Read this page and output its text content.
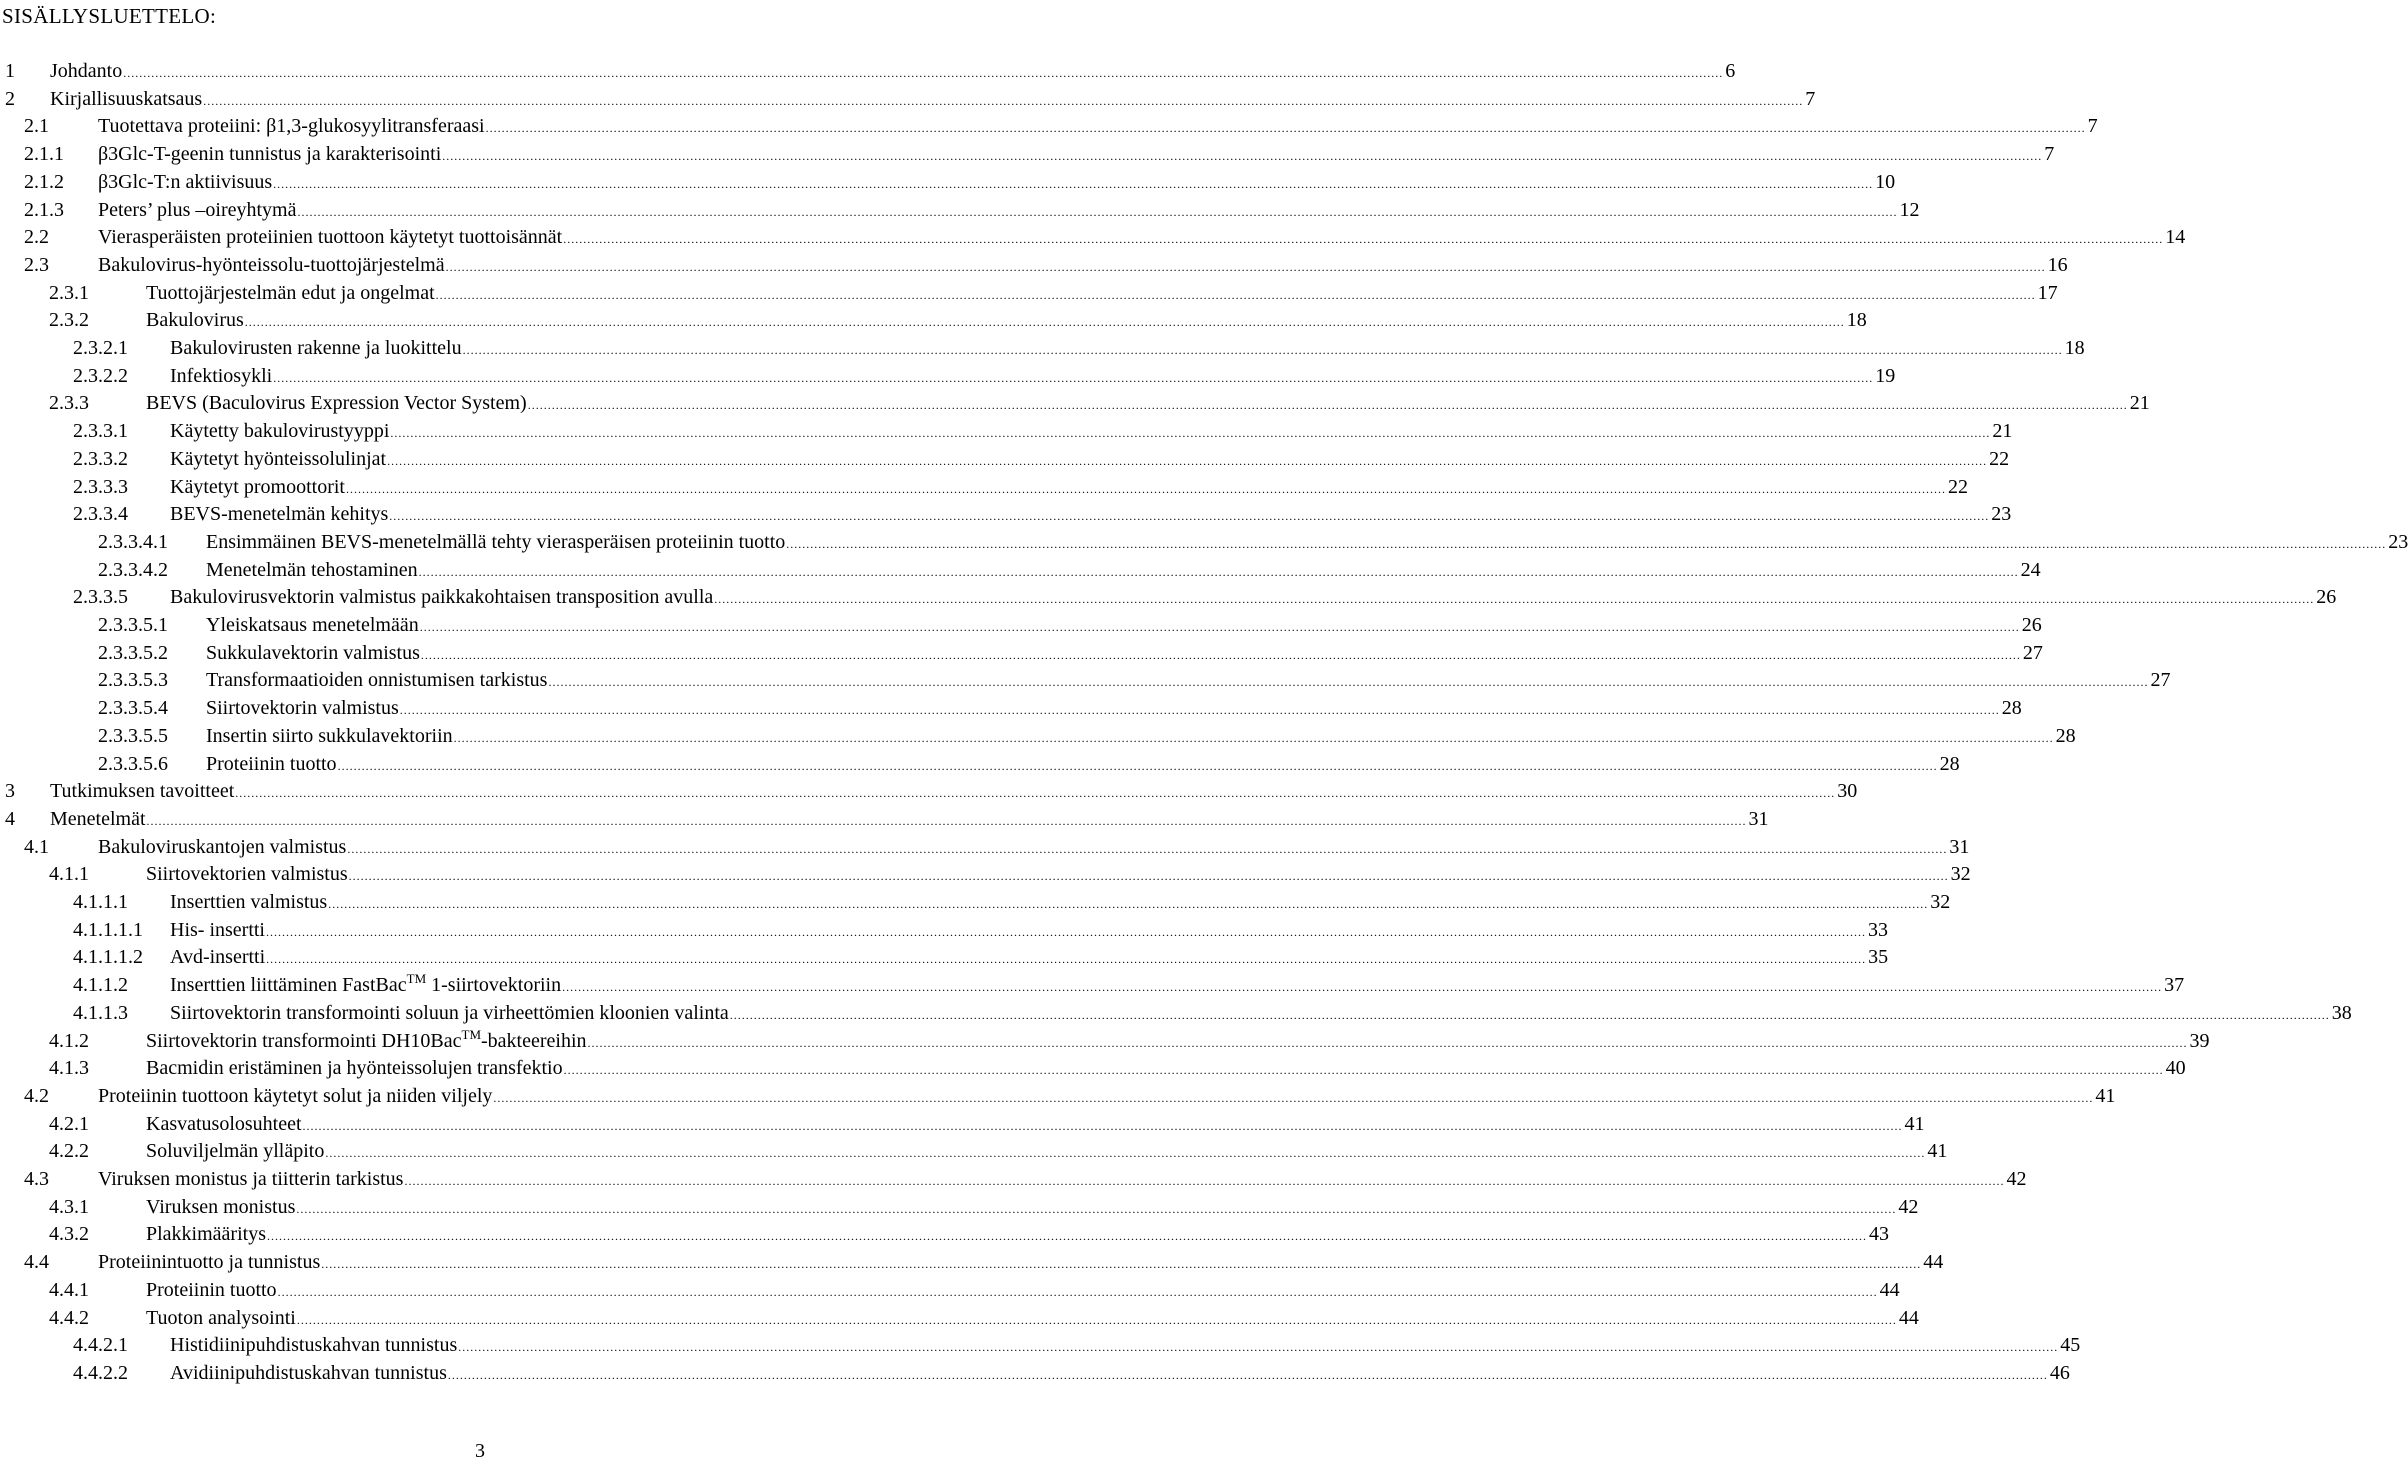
SISÄLLYSLUETTELO:
1 Johdanto ................................................................................................................................................................................................................................................................................................................................................................................................................ 6
2 Kirjallisuuskatsaus ................................................................................................................................................................................................................................................................................................................................................................................................................ 7
2.1 Tuotettava proteiini: β1,3-glukosyylitransferaasi ................................................................................................................................................................................................................................................................................................................................................................................................................ 7
2.1.1 β3Glc-T-geenin tunnistus ja karakterisointi ................................................................................................................................................................................................................................................................................................................................................................................................................ 7
2.1.2 β3Glc-T:n aktiivisuus ................................................................................................................................................................................................................................................................................................................................................................................................................ 10
2.1.3 Peters’ plus –oireyhtymä ................................................................................................................................................................................................................................................................................................................................................................................................................ 12
2.2 Vierasperäisten proteiinien tuottoon käytetyt tuottoisännät ................................................................................................................................................................................................................................................................................................................................................................................................................ 14
2.3 Bakulovirus-hyönteissolu-tuottojärjestelmä ................................................................................................................................................................................................................................................................................................................................................................................................................ 16
2.3.1	Tuottojärjestelmän edut ja ongelmat ................................................................................................................................................................................................................................................................................................................................................................................................................ 17
2.3.2	Bakulovirus ................................................................................................................................................................................................................................................................................................................................................................................................................ 18
2.3.2.1 Bakulovirusten rakenne ja luokittelu ................................................................................................................................................................................................................................................................................................................................................................................................................ 18
2.3.2.2 Infektiosykli ................................................................................................................................................................................................................................................................................................................................................................................................................ 19
2.3.3	BEVS (Baculovirus Expression Vector System) ................................................................................................................................................................................................................................................................................................................................................................................................................ 21
2.3.3.1 Käytetty bakulovirustyyppi ................................................................................................................................................................................................................................................................................................................................................................................................................ 21
2.3.3.2 Käytetyt hyönteissolulinjat ................................................................................................................................................................................................................................................................................................................................................................................................................ 22
2.3.3.3 Käytetyt promoottorit ................................................................................................................................................................................................................................................................................................................................................................................................................ 22
2.3.3.4 BEVS-menetelmän kehitys ................................................................................................................................................................................................................................................................................................................................................................................................................ 23
2.3.3.4.1 Ensimmäinen BEVS-menetelmällä tehty vierasperäisen proteiinin tuotto ................................................................................................................................................................................................................................................................................................................................................................................................................ 23
2.3.3.4.2 Menetelmän tehostaminen ................................................................................................................................................................................................................................................................................................................................................................................................................ 24
2.3.3.5 Bakulovirusvektorin valmistus paikkakohtaisen transposition avulla ................................................................................................................................................................................................................................................................................................................................................................................................................ 26
2.3.3.5.1 Yleiskatsaus menetelmään ................................................................................................................................................................................................................................................................................................................................................................................................................ 26
2.3.3.5.2 Sukkulavektorin valmistus ................................................................................................................................................................................................................................................................................................................................................................................................................ 27
2.3.3.5.3 Transformaatioiden onnistumisen tarkistus ................................................................................................................................................................................................................................................................................................................................................................................................................ 27
2.3.3.5.4 Siirtovektorin valmistus ................................................................................................................................................................................................................................................................................................................................................................................................................ 28
2.3.3.5.5 Insertin siirto sukkulavektoriin ................................................................................................................................................................................................................................................................................................................................................................................................................ 28
2.3.3.5.6 Proteiinin tuotto ................................................................................................................................................................................................................................................................................................................................................................................................................ 28
3 Tutkimuksen tavoitteet ................................................................................................................................................................................................................................................................................................................................................................................................................ 30
4 Menetelmät ................................................................................................................................................................................................................................................................................................................................................................................................................ 31
4.1 Bakuloviruskantojen valmistus ................................................................................................................................................................................................................................................................................................................................................................................................................ 31
4.1.1	Siirtovektorien valmistus ................................................................................................................................................................................................................................................................................................................................................................................................................ 32
4.1.1.1 Inserttien valmistus ................................................................................................................................................................................................................................................................................................................................................................................................................ 32
4.1.1.1.1 His- insertti ................................................................................................................................................................................................................................................................................................................................................................................................................ 33
4.1.1.1.2 Avd-insertti ................................................................................................................................................................................................................................................................................................................................................................................................................ 35
4.1.1.2 Inserttien liittäminen FastBac™ 1-siirtovektoriin ................................................................................................................................................................................................................................................................................................................................................................................................................ 37
4.1.1.3 Siirtovektorin transformointi soluun ja virheettömien kloonien valinta ................................................................................................................................................................................................................................................................................................................................................................................................................ 38
4.1.2	Siirtovektorin transformointi DH10Bac™-bakteereihin ................................................................................................................................................................................................................................................................................................................................................................................................................ 39
4.1.3	Bacmidin eristäminen ja hyönteissolujen transfektio ................................................................................................................................................................................................................................................................................................................................................................................................................ 40
4.2 Proteiinin tuottoon käytetyt solut ja niiden viljely ................................................................................................................................................................................................................................................................................................................................................................................................................ 41
4.2.1	Kasvatusolosuhteet ................................................................................................................................................................................................................................................................................................................................................................................................................ 41
4.2.2	Soluviljelmän ylläpito ................................................................................................................................................................................................................................................................................................................................................................................................................ 41
4.3 Viruksen monistus ja tiitterin tarkistus ................................................................................................................................................................................................................................................................................................................................................................................................................ 42
4.3.1	Viruksen monistus ................................................................................................................................................................................................................................................................................................................................................................................................................ 42
4.3.2	Plakkimääritys ................................................................................................................................................................................................................................................................................................................................................................................................................ 43
4.4 Proteiinintuotto ja tunnistus ................................................................................................................................................................................................................................................................................................................................................................................................................ 44
4.4.1	Proteiinin tuotto ................................................................................................................................................................................................................................................................................................................................................................................................................ 44
4.4.2	Tuoton analysointi ................................................................................................................................................................................................................................................................................................................................................................................................................ 44
4.4.2.1 Histidiinipuhdistuskahvan tunnistus ................................................................................................................................................................................................................................................................................................................................................................................................................ 45
4.4.2.2 Avidiinipuhdistuskahvan tunnistus ................................................................................................................................................................................................................................................................................................................................................................................................................ 46
3
